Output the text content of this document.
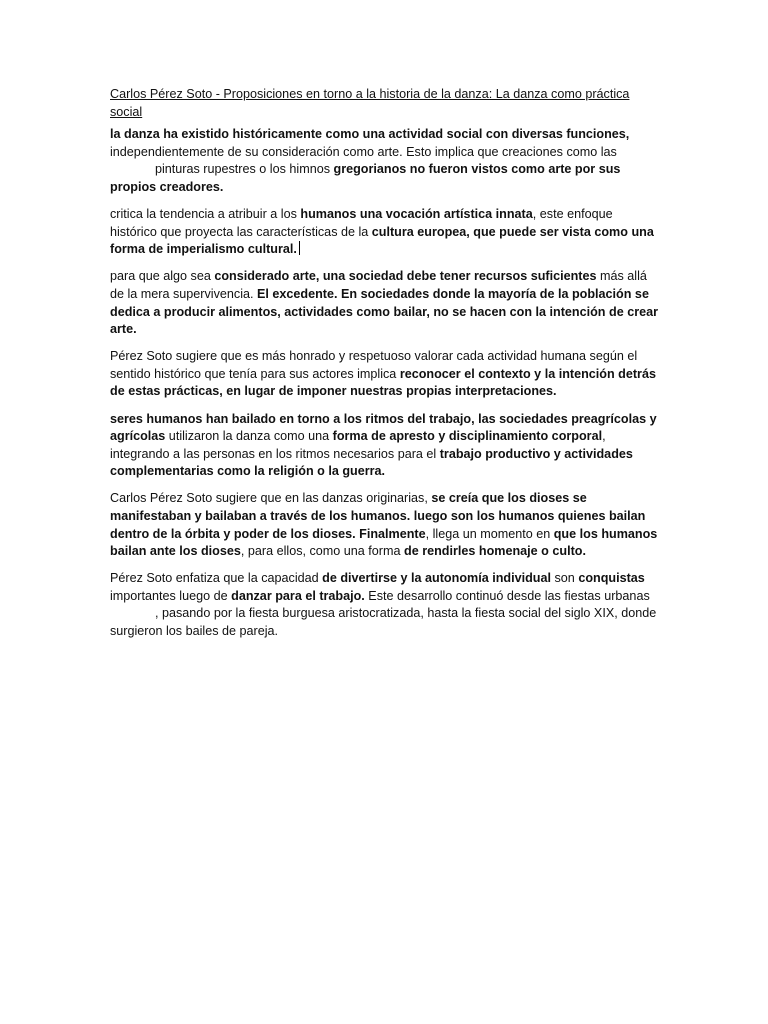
Carlos Pérez Soto - Proposiciones en torno a la historia de la danza: La danza como práctica social

la danza ha existido históricamente como una actividad social con diversas funciones, independientemente de su consideración como arte. Esto implica que creaciones como las pinturas rupestres o los himnos gregorianos no fueron vistos como arte por sus propios creadores.

critica la tendencia a atribuir a los humanos una vocación artística innata, este enfoque histórico que proyecta las características de la cultura europea, que puede ser vista como una forma de imperialismo cultural.

para que algo sea considerado arte, una sociedad debe tener recursos suficientes más allá de la mera supervivencia. El excedente. En sociedades donde la mayoría de la población se dedica a producir alimentos, actividades como bailar, no se hacen con la intención de crear arte.

Pérez Soto sugiere que es más honrado y respetuoso valorar cada actividad humana según el sentido histórico que tenía para sus actores implica reconocer el contexto y la intención detrás de estas prácticas, en lugar de imponer nuestras propias interpretaciones.

seres humanos han bailado en torno a los ritmos del trabajo, las sociedades preagrícolas y agrícolas utilizaron la danza como una forma de apresto y disciplinamiento corporal, integrando a las personas en los ritmos necesarios para el trabajo productivo y actividades complementarias como la religión o la guerra.

Carlos Pérez Soto sugiere que en las danzas originarias, se creía que los dioses se manifestaban y bailaban a través de los humanos. luego son los humanos quienes bailan dentro de la órbita y poder de los dioses. Finalmente, llega un momento en que los humanos bailan ante los dioses, para ellos, como una forma de rendirles homenaje o culto.

Pérez Soto enfatiza que la capacidad de divertirse y la autonomía individual son conquistas importantes luego de danzar para el trabajo. Este desarrollo continuó desde las fiestas urbanas , pasando por la fiesta burguesa aristocratizada, hasta la fiesta social del siglo XIX, donde surgieron los bailes de pareja.
